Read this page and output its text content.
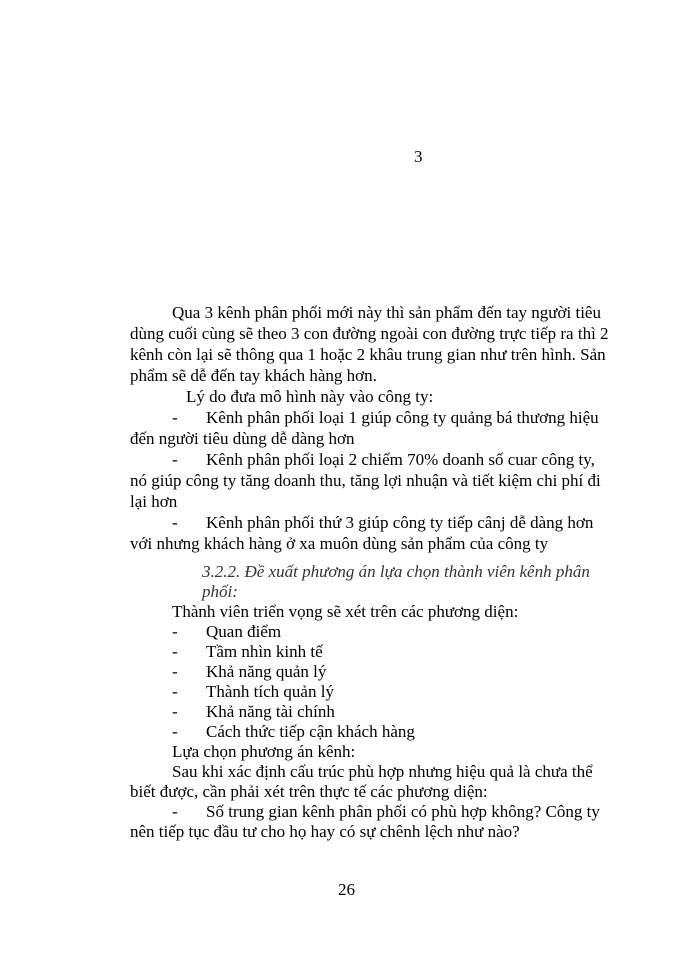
3

Qua 3 kênh phân phối mới này thì sản phẩm đến tay người tiêu

dùng cuối cùng sẽ theo 3 con đường ngoài con đường trực tiếp ra thì 2

kênh còn lại sẽ thông qua 1 hoặc 2 khâu trung gian như trên hình. Sản

phẩm sẽ dễ đến tay khách hàng hơn.

Lý do đưa mô hình này vào công ty:

- Kênh phân phối loại 1 giúp công ty quảng bá thương hiệu

đến người tiêu dùng dễ dàng hơn

- Kênh phân phối loại 2 chiếm 70% doanh số cuar công ty,

nó giúp công ty tăng doanh thu, tăng lợi nhuận và tiết kiệm chi phí đi

lại hơn

- Kênh phân phối thứ 3 giúp công ty tiếp cânj dễ dàng hơn

với nhưng khách hàng ở xa muôn dùng sản phẩm của công ty

3.2.2. Đề xuất phương án lựa chọn thành viên kênh phân

phối:

Thành viên triển vọng sẽ xét trên các phương diện:

- Quan điểm

- Tầm nhìn kinh tế

- Khả năng quản lý

- Thành tích quản lý

- Khả năng tài chính

- Cách thức tiếp cận khách hàng

Lựa chọn phương án kênh:

Sau khi xác định cấu trúc phù hợp nhưng hiệu quả là chưa thể

biết được, cần phải xét trên thực tế các phương diện:

- Số trung gian kênh phân phối có phù hợp không? Công ty

nên tiếp tục đầu tư cho họ hay có sự chênh lệch như nào?

26
